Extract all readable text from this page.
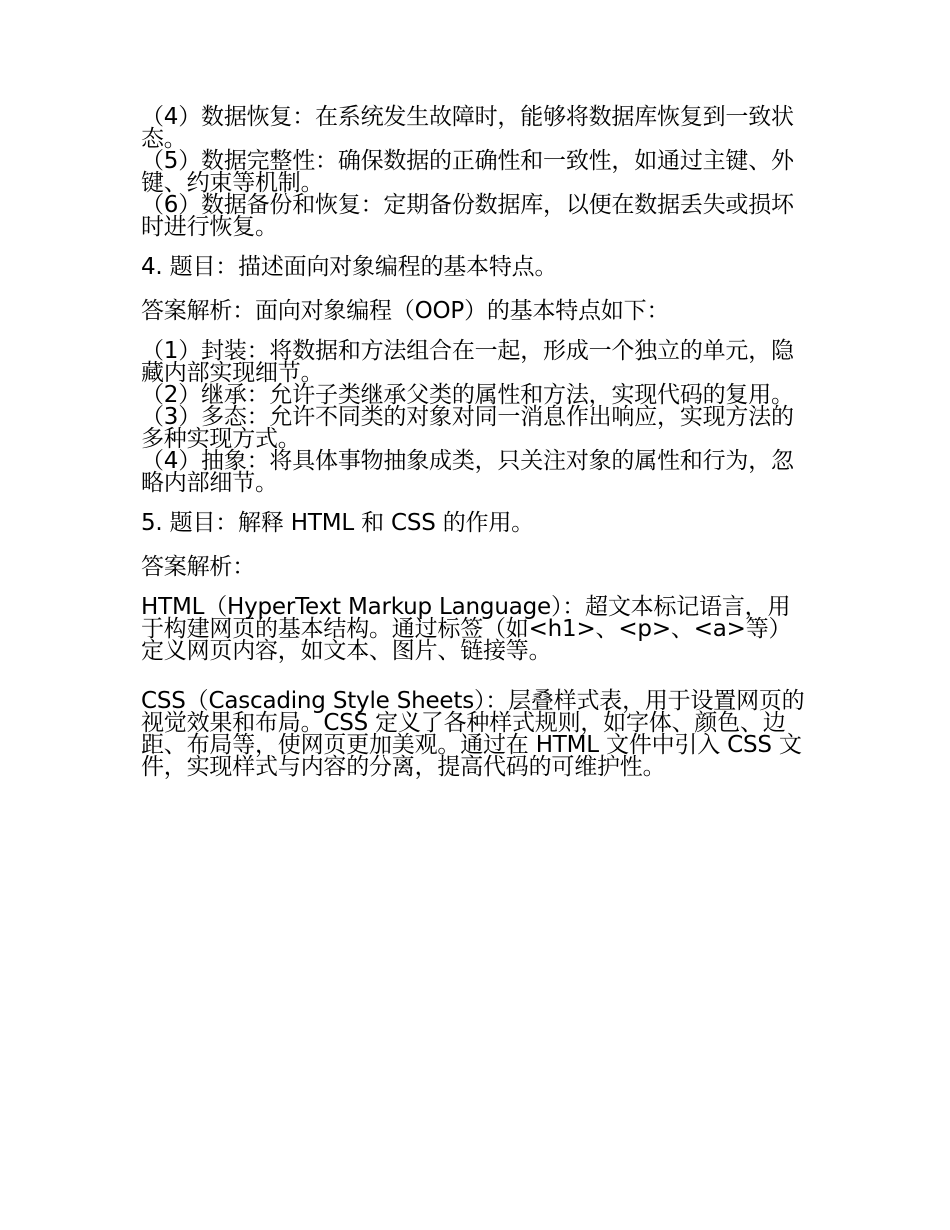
（4）数据恢复：在系统发生故障时，能够将数据库恢复到一致状态。

（5）数据完整性：确保数据的正确性和一致性，如通过主键、外键、约束等机制。

（6）数据备份和恢复：定期备份数据库，以便在数据丢失或损坏时进行恢复。

4. 题目：描述面向对象编程的基本特点。

答案解析：面向对象编程（OOP）的基本特点如下：

（1）封装：将数据和方法组合在一起，形成一个独立的单元，隐藏内部实现细节。

（2）继承：允许子类继承父类的属性和方法，实现代码的复用。

（3）多态：允许不同类的对象对同一消息作出响应，实现方法的多种实现方式。

（4）抽象：将具体事物抽象成类，只关注对象的属性和行为，忽略内部细节。

5. 题目：解释 HTML 和 CSS 的作用。

答案解析：

HTML（HyperText Markup Language）：超文本标记语言，用于构建网页的基本结构。通过标签（如<h1>、<p>、<a>等）定义网页内容，如文本、图片、链接等。

CSS（Cascading Style Sheets）：层叠样式表，用于设置网页的视觉效果和布局。CSS 定义了各种样式规则，如字体、颜色、边距、布局等，使网页更加美观。通过在 HTML 文件中引入 CSS 文件，实现样式与内容的分离，提高代码的可维护性。
